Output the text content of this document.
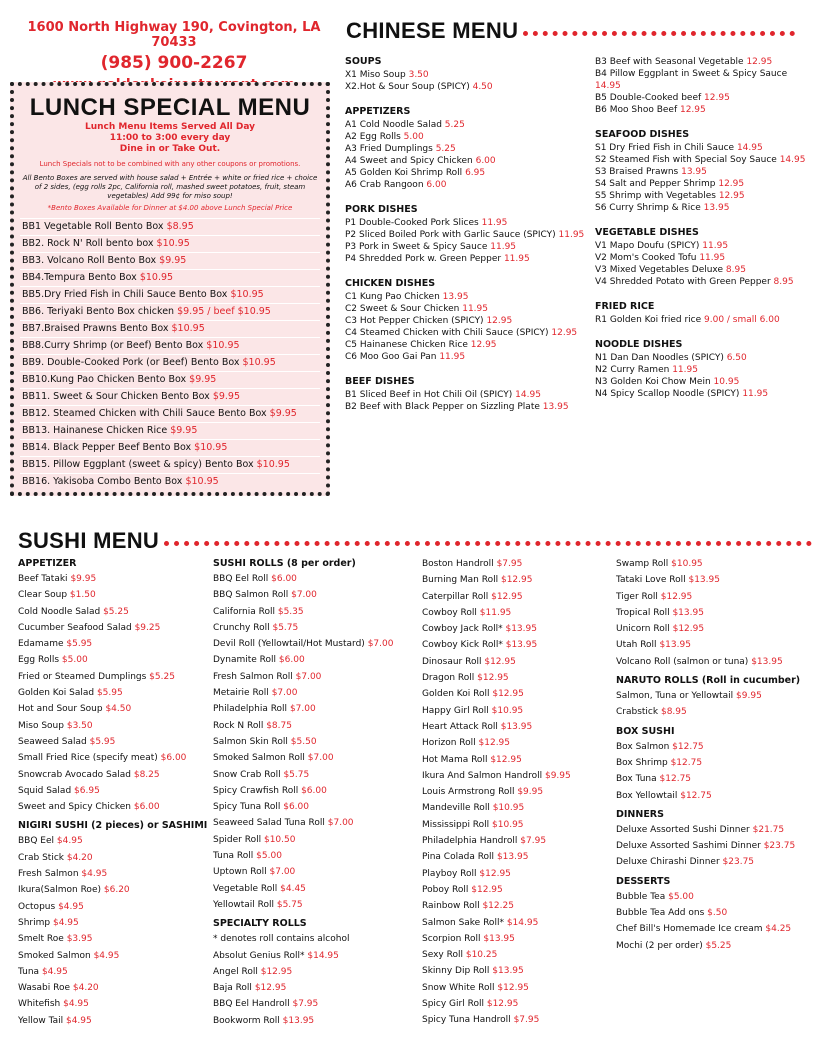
1600 North Highway 190, Covington, LA 70433
(985) 900-2267
LUNCH SPECIAL MENU
Lunch Menu Items Served All Day
11:00 to 3:00 every day
Dine in or Take Out.
Lunch Specials not to be combined with any other coupons or promotions.
All Bento Boxes are served with house salad + Entrée + white or fried rice + choice of 2 sides, (egg rolls 2pc, California roll, mashed sweet potatoes, fruit, steam vegetables) Add 99¢ for miso soup!
*Bento Boxes Available for Dinner at $4.00 above Lunch Special Price
BB1 Vegetable Roll Bento Box $8.95
BB2. Rock N' Roll bento box $10.95
BB3. Volcano Roll Bento Box $9.95
BB4.Tempura Bento Box $10.95
BB5.Dry Fried Fish in Chili Sauce Bento Box $10.95
BB6. Teriyaki Bento Box chicken $9.95 / beef $10.95
BB7.Braised Prawns Bento Box $10.95
BB8.Curry Shrimp (or Beef) Bento Box $10.95
BB9. Double-Cooked Pork (or Beef) Bento Box $10.95
BB10.Kung Pao Chicken Bento Box $9.95
BB11. Sweet & Sour Chicken Bento Box $9.95
BB12. Steamed Chicken with Chili Sauce Bento Box $9.95
BB13. Hainanese Chicken Rice $9.95
BB14. Black Pepper Beef Bento Box $10.95
BB15. Pillow Eggplant (sweet & spicy) Bento Box $10.95
BB16. Yakisoba Combo Bento Box $10.95
CHINESE MENU
SOUPS
X1 Miso Soup 3.50
X2.Hot & Sour Soup (SPICY) 4.50
APPETIZERS
A1 Cold Noodle Salad 5.25
A2 Egg Rolls 5.00
A3 Fried Dumplings 5.25
A4 Sweet and Spicy Chicken 6.00
A5 Golden Koi Shrimp Roll 6.95
A6 Crab Rangoon 6.00
PORK DISHES
P1 Double-Cooked Pork Slices 11.95
P2 Sliced Boiled Pork with Garlic Sauce (SPICY) 11.95
P3 Pork in Sweet & Spicy Sauce 11.95
P4 Shredded Pork w. Green Pepper 11.95
CHICKEN DISHES
C1 Kung Pao Chicken 13.95
C2 Sweet & Sour Chicken 11.95
C3 Hot Pepper Chicken (SPICY) 12.95
C4 Steamed Chicken with Chili Sauce (SPICY) 12.95
C5 Hainanese Chicken Rice 12.95
C6 Moo Goo Gai Pan 11.95
BEEF DISHES
B1 Sliced Beef in Hot Chili Oil (SPICY) 14.95
B2 Beef with Black Pepper on Sizzling Plate 13.95
B3 Beef with Seasonal Vegetable 12.95
B4 Pillow Eggplant in Sweet & Spicy Sauce 14.95
B5 Double-Cooked beef 12.95
B6 Moo Shoo Beef 12.95
SEAFOOD DISHES
S1 Dry Fried Fish in Chili Sauce 14.95
S2 Steamed Fish with Special Soy Sauce 14.95
S3 Braised Prawns 13.95
S4 Salt and Pepper Shrimp 12.95
S5 Shrimp with Vegetables 12.95
S6 Curry Shrimp & Rice 13.95
VEGETABLE DISHES
V1 Mapo Doufu (SPICY) 11.95
V2 Mom's Cooked Tofu 11.95
V3 Mixed Vegetables Deluxe 8.95
V4 Shredded Potato with Green Pepper 8.95
FRIED RICE
R1 Golden Koi fried rice 9.00 / small 6.00
NOODLE DISHES
N1 Dan Dan Noodles (SPICY) 6.50
N2 Curry Ramen 11.95
N3 Golden Koi Chow Mein 10.95
N4 Spicy Scallop Noodle (SPICY) 11.95
SUSHI MENU
APPETIZER
Beef Tataki $9.95
Clear Soup $1.50
Cold Noodle Salad $5.25
Cucumber Seafood Salad $9.25
Edamame $5.95
Egg Rolls $5.00
Fried or Steamed Dumplings $5.25
Golden Koi Salad $5.95
Hot and Sour Soup $4.50
Miso Soup $3.50
Seaweed Salad $5.95
Small Fried Rice (specify meat) $6.00
Snowcrab Avocado Salad $8.25
Squid Salad $6.95
Sweet and Spicy Chicken $6.00
NIGIRI SUSHI (2 pieces) or SASHIMI
BBQ Eel $4.95
Crab Stick $4.20
Fresh Salmon $4.95
Ikura(Salmon Roe) $6.20
Octopus $4.95
Shrimp $4.95
Smelt Roe $3.95
Smoked Salmon $4.95
Tuna $4.95
Wasabi Roe $4.20
Whitefish $4.95
Yellow Tail $4.95
SUSHI ROLLS (8 per order)
BBQ Eel Roll $6.00
BBQ Salmon Roll $7.00
California Roll $5.35
Crunchy Roll $5.75
Devil Roll (Yellowtail/Hot Mustard) $7.00
Dynamite Roll $6.00
Fresh Salmon Roll $7.00
Metairie Roll $7.00
Philadelphia Roll $7.00
Rock N Roll $8.75
Salmon Skin Roll $5.50
Smoked Salmon Roll $7.00
Snow Crab Roll $5.75
Spicy Crawfish Roll $6.00
Spicy Tuna Roll $6.00
Seaweed Salad Tuna Roll $7.00
Spider Roll $10.50
Tuna Roll $5.00
Uptown Roll $7.00
Vegetable Roll $4.45
Yellowtail Roll $5.75
SPECIALTY ROLLS
* denotes roll contains alcohol
Absolut Genius Roll* $14.95
Angel Roll $12.95
Baja Roll $12.95
BBQ Eel Handroll $7.95
Bookworm Roll $13.95
Boston Handroll $7.95
Burning Man Roll $12.95
Caterpillar Roll $12.95
Cowboy Roll $11.95
Cowboy Jack Roll* $13.95
Cowboy Kick Roll* $13.95
Dinosaur Roll $12.95
Dragon Roll $12.95
Golden Koi Roll $12.95
Happy Girl Roll $10.95
Heart Attack Roll $13.95
Horizon Roll $12.95
Hot Mama Roll $12.95
Ikura And Salmon Handroll $9.95
Louis Armstrong Roll $9.95
Mandeville Roll $10.95
Mississippi Roll $10.95
Philadelphia Handroll $7.95
Pina Colada Roll $13.95
Playboy Roll $12.95
Poboy Roll $12.95
Rainbow Roll $12.25
Salmon Sake Roll* $14.95
Scorpion Roll $13.95
Sexy Roll $10.25
Skinny Dip Roll $13.95
Snow White Roll $12.95
Spicy Girl Roll $12.95
Spicy Tuna Handroll $7.95
Swamp Roll $10.95
Tataki Love Roll $13.95
Tiger Roll $12.95
Tropical Roll $13.95
Unicorn Roll $12.95
Utah Roll $13.95
Volcano Roll (salmon or tuna) $13.95
NARUTO ROLLS (Roll in cucumber)
Salmon, Tuna or Yellowtail $9.95
Crabstick $8.95
BOX SUSHI
Box Salmon $12.75
Box Shrimp $12.75
Box Tuna $12.75
Box Yellowtail $12.75
DINNERS
Deluxe Assorted Sushi Dinner $21.75
Deluxe Assorted Sashimi Dinner $23.75
Deluxe Chirashi Dinner $23.75
DESSERTS
Bubble Tea $5.00
Bubble Tea Add ons $.50
Chef Bill's Homemade Ice cream $4.25
Mochi (2 per order) $5.25
